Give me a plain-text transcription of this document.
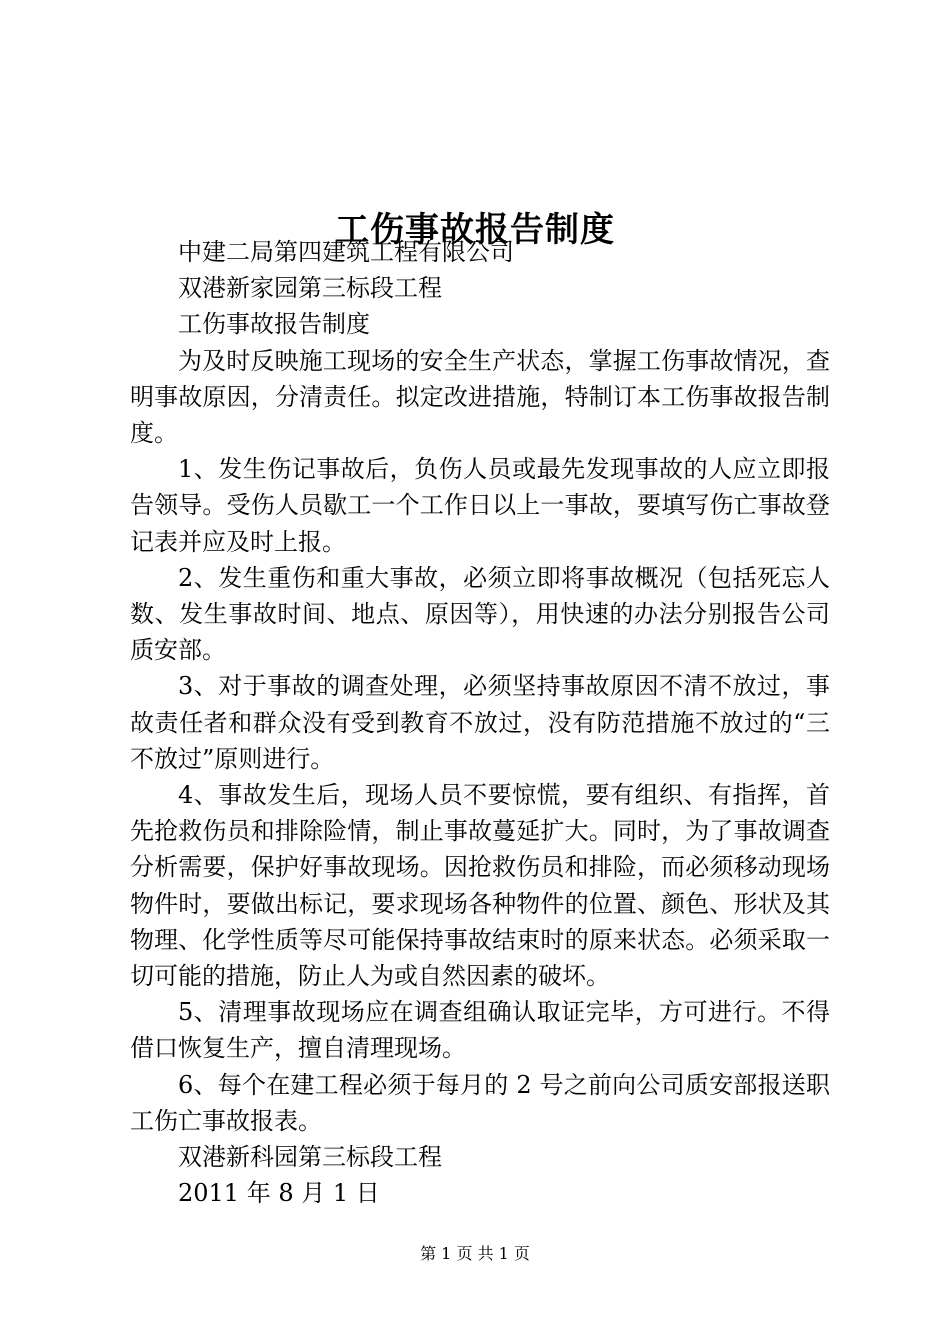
工伤事故报告制度

中建二局第四建筑工程有限公司

双港新家园第三标段工程

工伤事故报告制度

为及时反映施工现场的安全生产状态，掌握工伤事故情况，查明事故原因，分清责任。拟定改进措施，特制订本工伤事故报告制度。

1、发生伤记事故后，负伤人员或最先发现事故的人应立即报告领导。受伤人员歇工一个工作日以上一事故，要填写伤亡事故登记表并应及时上报。

2、发生重伤和重大事故，必须立即将事故概况（包括死忘人数、发生事故时间、地点、原因等），用快速的办法分别报告公司质安部。

3、对于事故的调查处理，必须坚持事故原因不清不放过，事故责任者和群众没有受到教育不放过，没有防范措施不放过的“三不放过”原则进行。

4、事故发生后，现场人员不要惊慌，要有组织、有指挥，首先抢救伤员和排除险情，制止事故蔓延扩大。同时，为了事故调查分析需要，保护好事故现场。因抢救伤员和排险，而必须移动现场物件时，要做出标记，要求现场各种物件的位置、颜色、形状及其物理、化学性质等尽可能保持事故结束时的原来状态。必须采取一切可能的措施，防止人为或自然因素的破坏。

5、清理事故现场应在调查组确认取证完毕，方可进行。不得借口恢复生产，擅自清理现场。

6、每个在建工程必须于每月的 2 号之前向公司质安部报送职工伤亡事故报表。

双港新科园第三标段工程

2011 年 8 月 1 日

第 1 页 共 1 页
